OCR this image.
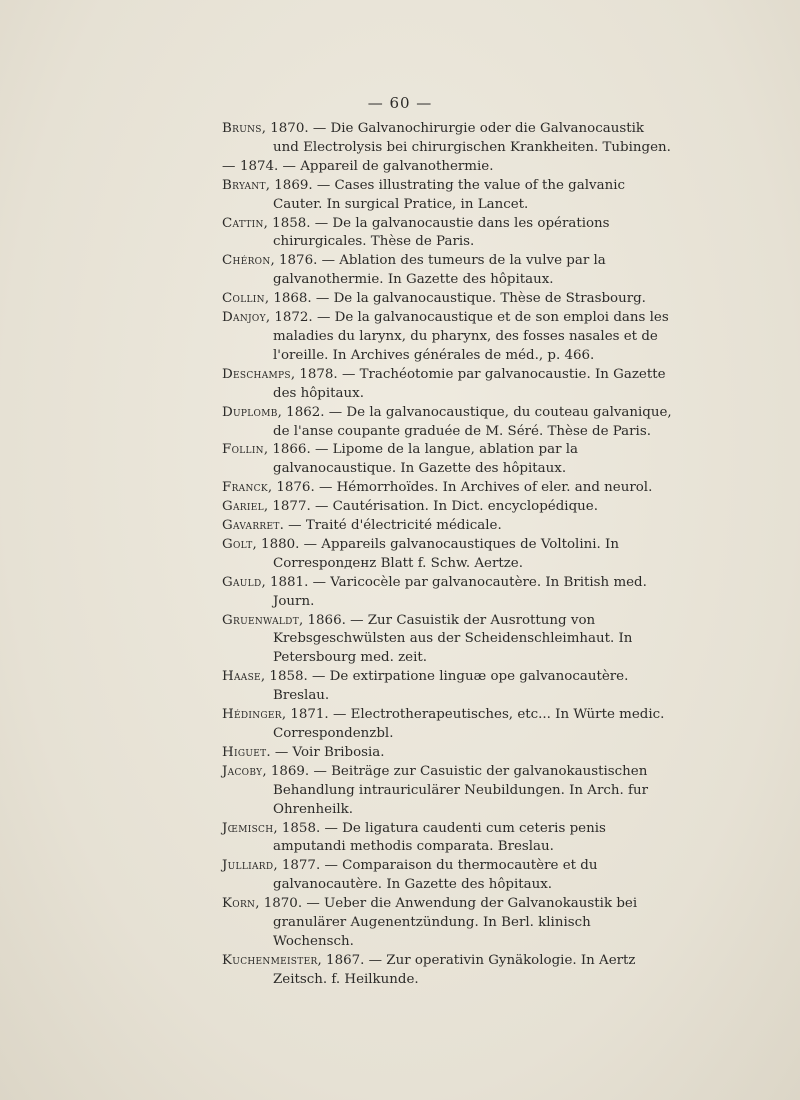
— 60 —

Bruns, 1870. — Die Galvanochirurgie oder die Galvanocaustik und Electrolysis bei chirurgischen Krankheiten. Tubingen.

— 1874. — Appareil de galvanothermie.

Bryant, 1869. — Cases illustrating the value of the galvanic Cauter. In surgical Pratice, in Lancet.

Cattin, 1858. — De la galvanocaustie dans les opérations chirurgicales. Thèse de Paris.

Chéron, 1876. — Ablation des tumeurs de la vulve par la galvanothermie. In Gazette des hôpitaux.

Collin, 1868. — De la galvanocaustique. Thèse de Strasbourg.

Danjoy, 1872. — De la galvanocaustique et de son emploi dans les maladies du larynx, du pharynx, des fosses nasales et de l'oreille. In Archives générales de méd., p. 466.

Deschamps, 1878. — Trachéotomie par galvanocaustie. In Gazette des hôpitaux.

Duplomb, 1862. — De la galvanocaustique, du couteau galvanique, de l'anse coupante graduée de M. Séré. Thèse de Paris.

Follin, 1866. — Lipome de la langue, ablation par la galvanocaustique. In Gazette des hôpitaux.

Franck, 1876. — Hémorrhoïdes. In Archives of eler. and neurol.

Gariel, 1877. — Cautérisation. In Dict. encyclopédique.

Gavarret. — Traité d'électricité médicale.

Golt, 1880. — Appareils galvanocaustiques de Voltolini. In Corresponденz Blatt f. Schw. Aertze.

Gauld, 1881. — Varicocèle par galvanocautère. In British med. Journ.

Gruenwaldt, 1866. — Zur Casuistik der Ausrottung von Krebsgeschwülsten aus der Scheidenschleimhaut. In Petersbourg med. zeit.

Haase, 1858. — De extirpatione linguæ ope galvanocautère. Breslau.

Hédinger, 1871. — Electrotherapeutisches, etc... In Würte medic. Correspondenzbl.

Higuet. — Voir Bribosia.

Jacoby, 1869. — Beiträge zur Casuistic der galvanokaustischen Behandlung intrauriculärer Neubildungen. In Arch. fur Ohrenheilk.

Jœmisch, 1858. — De ligatura caudenti cum ceteris penis amputandi methodis comparata. Breslau.

Julliard, 1877. — Comparaison du thermocautère et du galvanocautère. In Gazette des hôpitaux.

Korn, 1870. — Ueber die Anwendung der Galvanokaustik bei granulärer Augenentzündung. In Berl. klinisch Wochensch.

Kuchenmeister, 1867. — Zur operativin Gynäkologie. In Aertz Zeitsch. f. Heilkunde.
